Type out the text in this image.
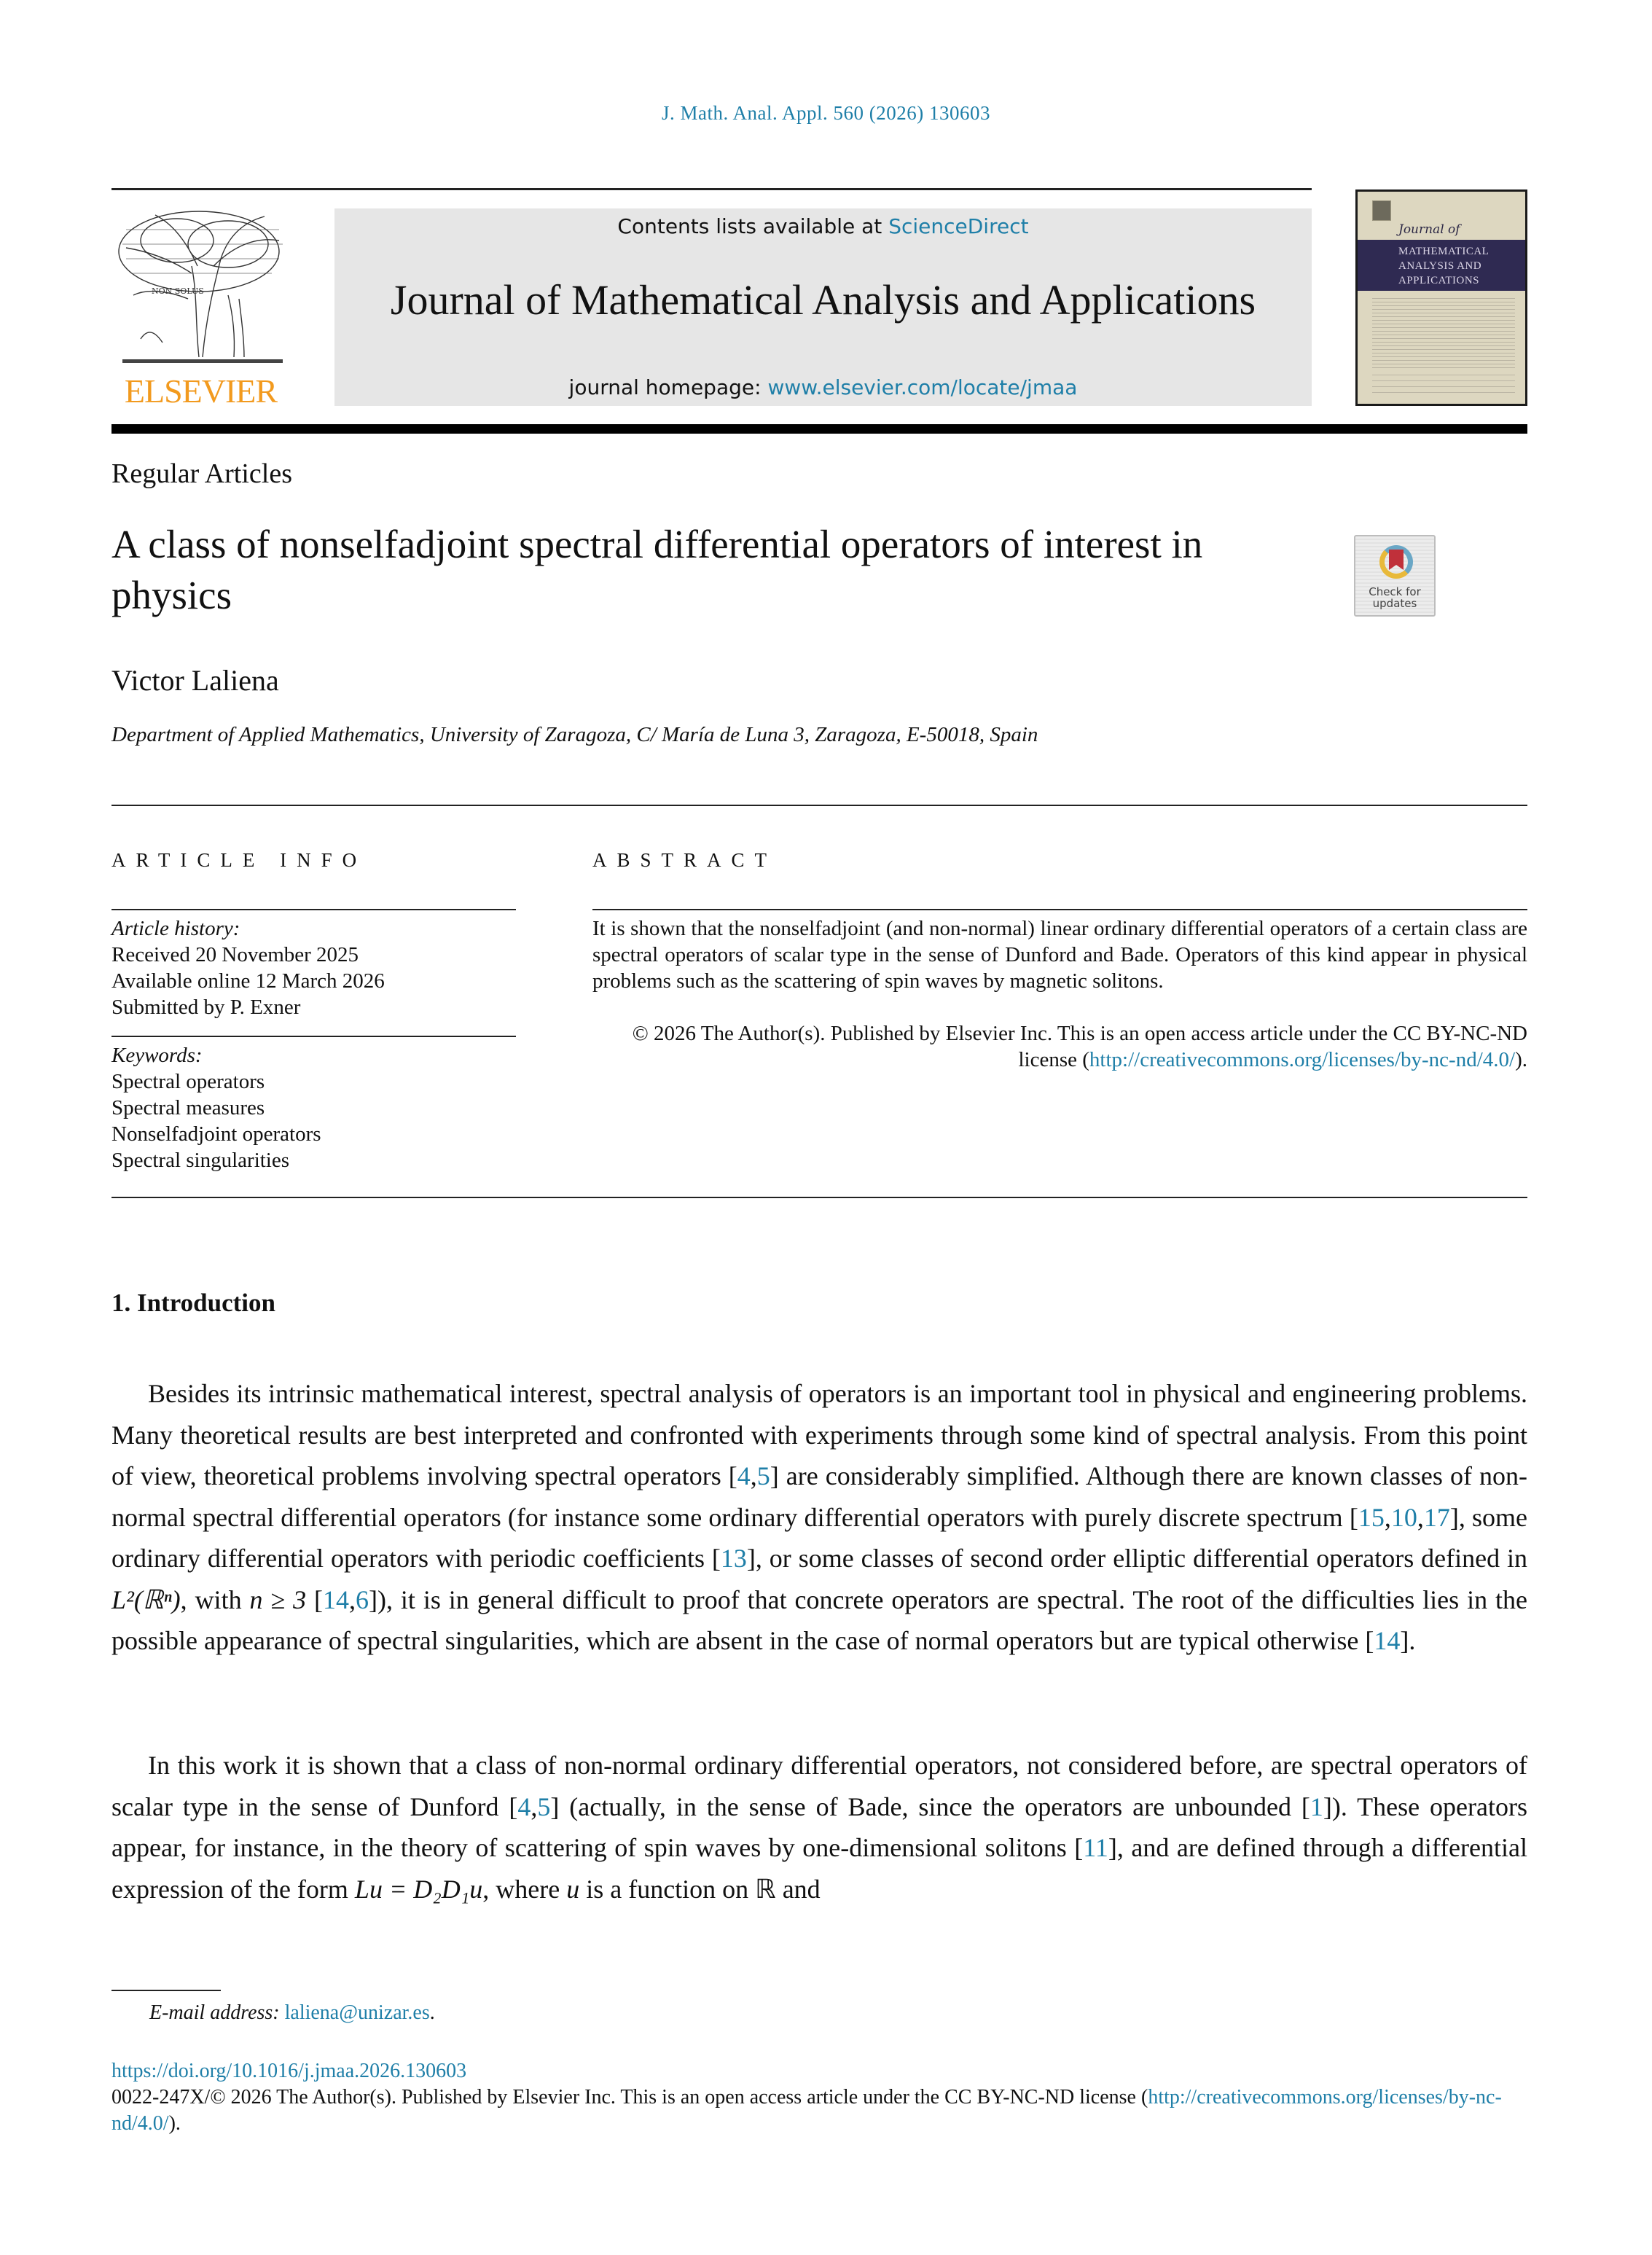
J. Math. Anal. Appl. 560 (2026) 130603
NON SOLUS
ELSEVIER
Contents lists available at ScienceDirect
Journal of Mathematical Analysis and Applications
journal homepage: www.elsevier.com/locate/jmaa
Journal of
MATHEMATICAL
ANALYSIS AND
APPLICATIONS
Regular Articles
A class of nonselfadjoint spectral differential operators of interest in physics	Check for updates
Victor Laliena
Department of Applied Mathematics, University of Zaragoza, C/ María de Luna 3, Zaragoza, E-50018, Spain
ARTICLE INFO
Article history:
Received 20 November 2025
Available online 12 March 2026
Submitted by P. Exner
Keywords:
Spectral operators
Spectral measures
Nonselfadjoint operators
Spectral singularities
ABSTRACT
It is shown that the nonselfadjoint (and non-normal) linear ordinary differential operators of a certain class are spectral operators of scalar type in the sense of Dunford and Bade. Operators of this kind appear in physical problems such as the scattering of spin waves by magnetic solitons.
© 2026 The Author(s). Published by Elsevier Inc. This is an open access article under the CC BY-NC-ND license (http://creativecommons.org/licenses/by-nc-nd/4.0/).
1. Introduction

Besides its intrinsic mathematical interest, spectral analysis of operators is an important tool in physical and engineering problems. Many theoretical results are best interpreted and confronted with experiments through some kind of spectral analysis. From this point of view, theoretical problems involving spectral operators [4,5] are considerably simplified. Although there are known classes of non-normal spectral differential operators (for instance some ordinary differential operators with purely discrete spectrum [15,10,17], some ordinary differential operators with periodic coefficients [13], or some classes of second order elliptic differential operators defined in L²(ℝⁿ), with n ≥ 3 [14,6]), it is in general difficult to proof that concrete operators are spectral. The root of the difficulties lies in the possible appearance of spectral singularities, which are absent in the case of normal operators but are typical otherwise [14].

In this work it is shown that a class of non-normal ordinary differential operators, not considered before, are spectral operators of scalar type in the sense of Dunford [4,5] (actually, in the sense of Bade, since the operators are unbounded [1]). These operators appear, for instance, in the theory of scattering of spin waves by one-dimensional solitons [11], and are defined through a differential expression of the form Lu = D₂D₁u, where u is a function on ℝ and

E-mail address: laliena@unizar.es.
https://doi.org/10.1016/j.jmaa.2026.130603
0022-247X/© 2026 The Author(s). Published by Elsevier Inc. This is an open access article under the CC BY-NC-ND license (http://creativecommons.org/licenses/by-nc-nd/4.0/).
